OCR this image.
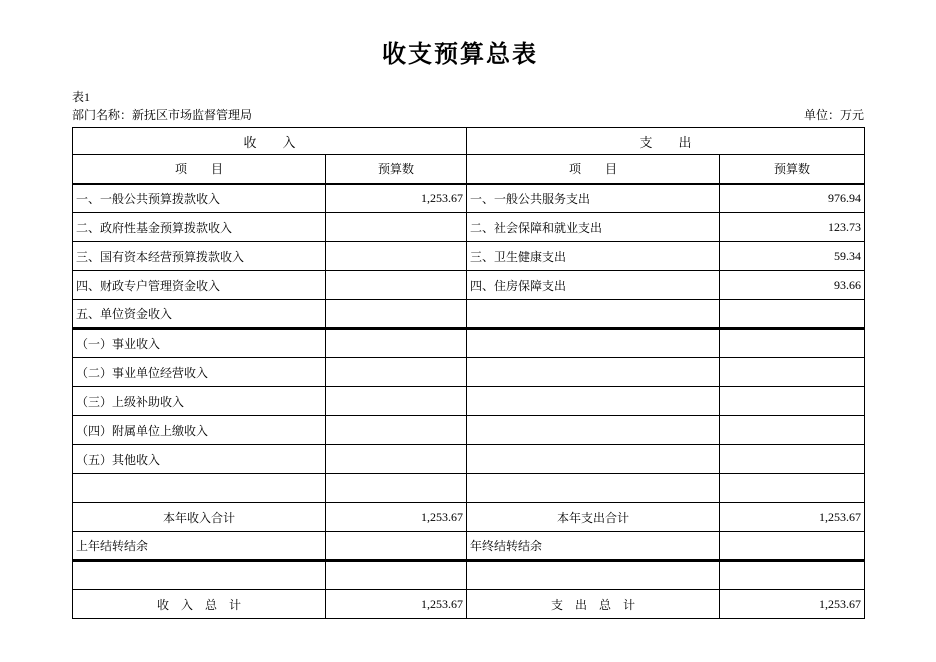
收支预算总表
表1
部门名称：新抚区市场监督管理局	单位：万元
收　　入		支　　出	
项　　目	预算数	项　　目	预算数
一、一般公共预算拨款收入	1,253.67	一、一般公共服务支出	976.94
二、政府性基金预算拨款收入		二、社会保障和就业支出	123.73
三、国有资本经营预算拨款收入		三、卫生健康支出	59.34
四、财政专户管理资金收入		四、住房保障支出	93.66
五、单位资金收入			
（一）事业收入			
（二）事业单位经营收入			
（三）上级补助收入			
（四）附属单位上缴收入			
（五）其他收入			

本年收入合计	1,253.67	本年支出合计	1,253.67
上年结转结余		年终结转结余	

收　入　总　计	1,253.67	支　出　总　计	1,253.67
